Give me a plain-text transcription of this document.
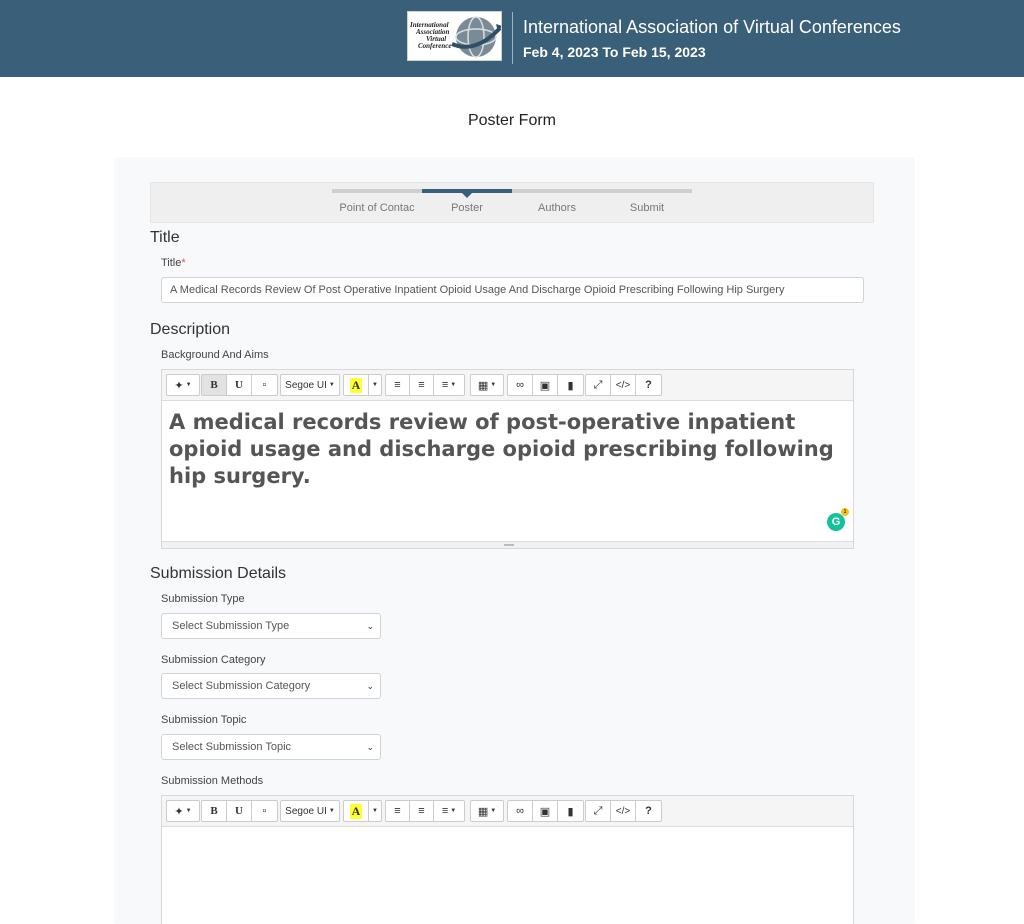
International
Association
Virtual
Conference
International Association of Virtual Conferences
Feb 4, 2023 To Feb 15, 2023
Poster Form
Point of Contac	Poster	Authors	Submit
Title
Title*
A Medical Records Review Of Post Operative Inpatient Opioid Usage And Discharge Opioid Prescribing Following Hip Surgery
Description
Background And Aims
✦ ▼	B	U	▫ Segoe UI ▼ A	▼ ≡ ≡ ≡ ▼ ▦ ▼ ∞ ▣ ▮ ⤢	</>	?
A medical records review of post-operative inpatient opioid usage and discharge opioid prescribing following hip surgery.
G
1
Submission Details
Submission Type
Select Submission Type	⌄
Submission Category
Select Submission Category	⌄
Submission Topic
Select Submission Topic	⌄
Submission Methods
✦ ▼	B	U	▫ Segoe UI ▼ A	▼ ≡ ≡ ≡ ▼ ▦ ▼ ∞ ▣ ▮ ⤢	</>	?
